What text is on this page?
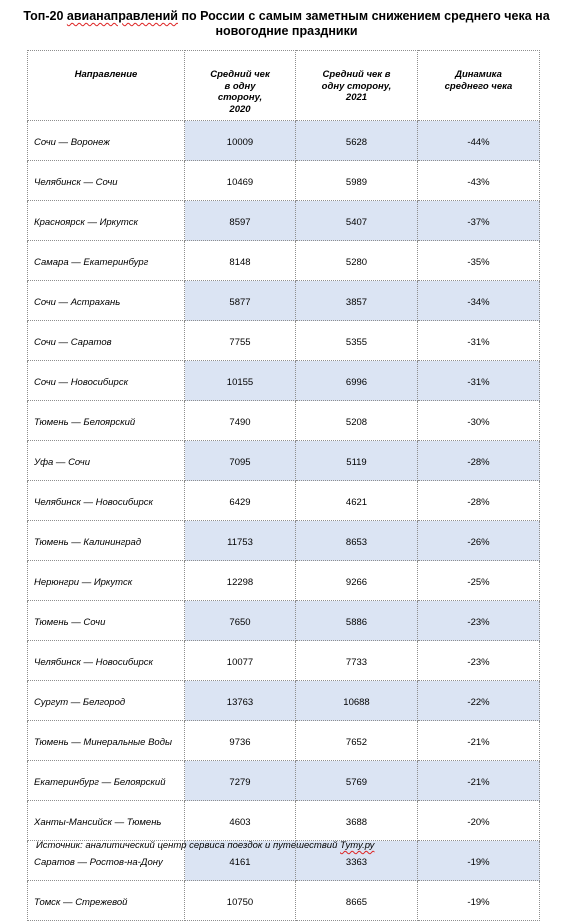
Топ-20 авианаправлений по России с самым заметным снижением среднего чека на новогодние праздники
Направление	Средний чек в одну сторону, 2020	Средний чек в одну сторону, 2021	Динамика среднего чека

Сочи — Воронеж	10009	5628	-44%
Челябинск — Сочи	10469	5989	-43%
Красноярск — Иркутск	8597	5407	-37%
Самара — Екатеринбург	8148	5280	-35%
Сочи — Астрахань	5877	3857	-34%
Сочи — Саратов	7755	5355	-31%
Сочи — Новосибирск	10155	6996	-31%
Тюмень — Белоярский	7490	5208	-30%
Уфа — Сочи	7095	5119	-28%
Челябинск — Новосибирск	6429	4621	-28%
Тюмень — Калининград	11753	8653	-26%
Нерюнгри — Иркутск	12298	9266	-25%
Тюмень — Сочи	7650	5886	-23%
Челябинск — Новосибирск	10077	7733	-23%
Сургут — Белгород	13763	10688	-22%
Тюмень — Минеральные Воды	9736	7652	-21%
Екатеринбург — Белоярский	7279	5769	-21%
Ханты-Мансийск — Тюмень	4603	3688	-20%
Саратов — Ростов-на-Дону	4161	3363	-19%
Томск — Стрежевой	10750	8665	-19%
Источник: аналитический центр сервиса поездок и путешествий Туту.ру
